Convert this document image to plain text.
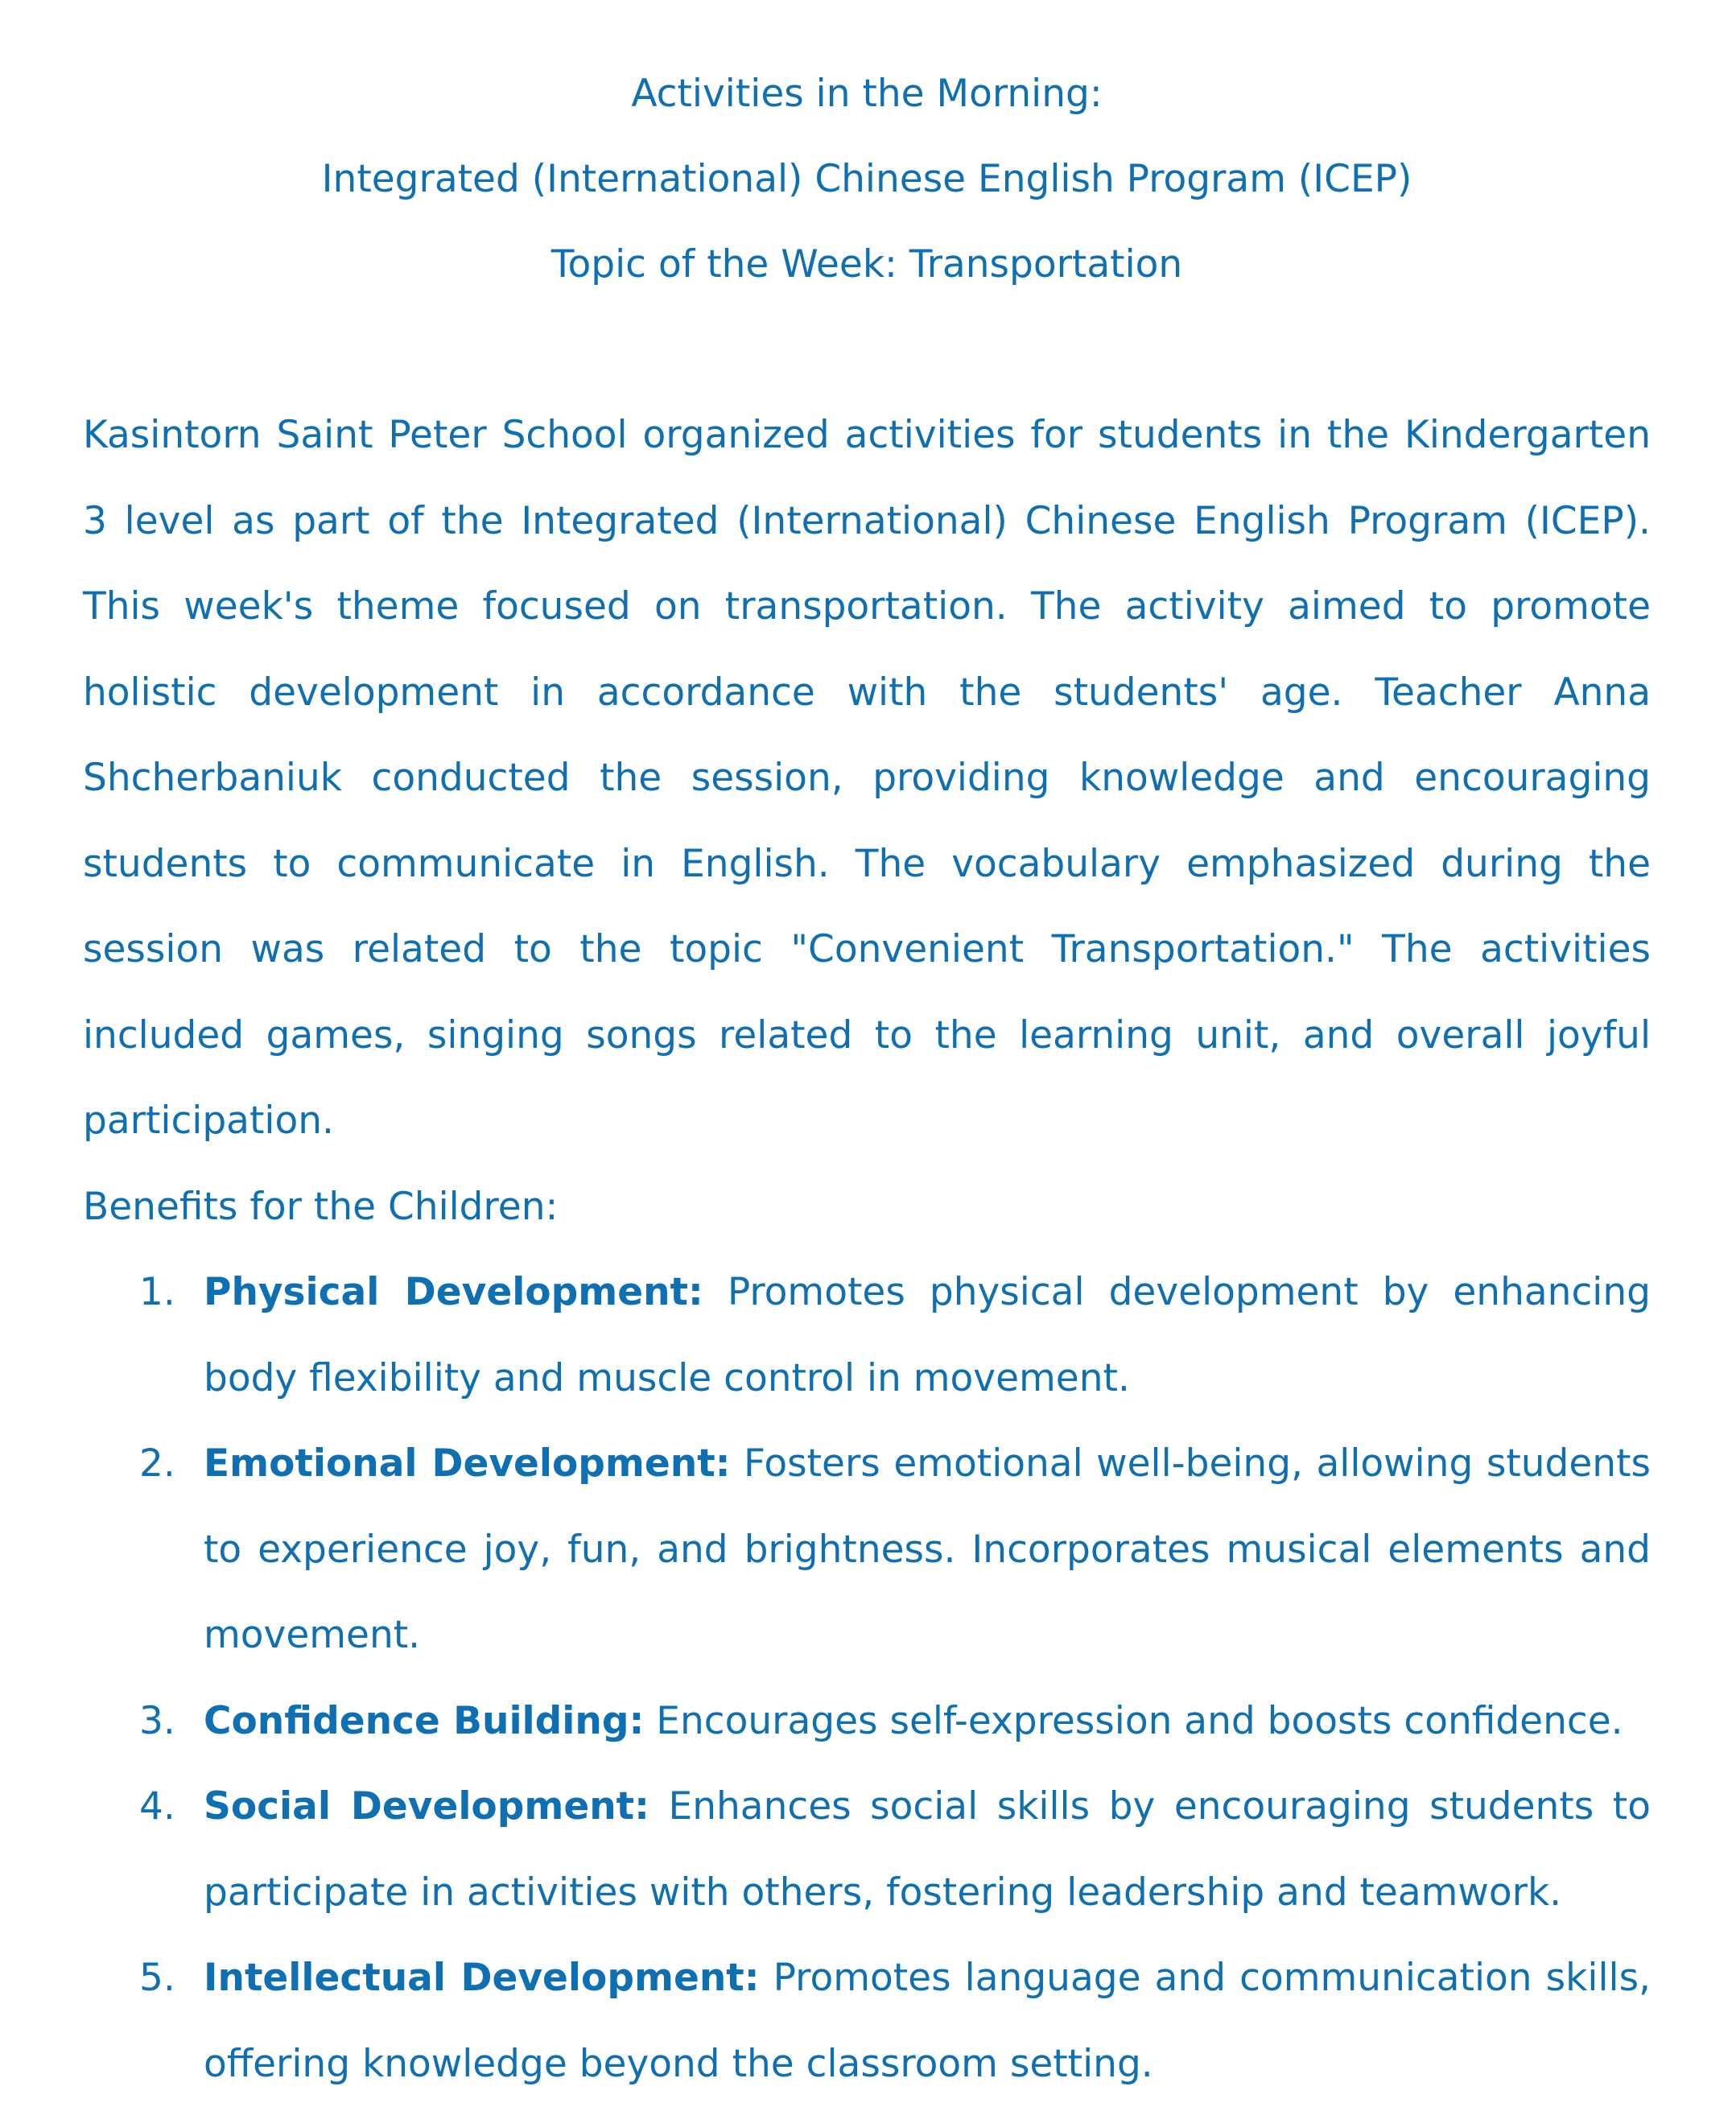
Activities in the Morning:

Integrated (International) Chinese English Program (ICEP)

Topic of the Week: Transportation

Kasintorn Saint Peter School organized activities for students in the Kindergarten 3 level as part of the Integrated (International) Chinese English Program (ICEP). This week's theme focused on transportation. The activity aimed to promote holistic development in accordance with the students' age. Teacher Anna Shcherbaniuk conducted the session, providing knowledge and encouraging students to communicate in English. The vocabulary emphasized during the session was related to the topic "Convenient Transportation." The activities included games, singing songs related to the learning unit, and overall joyful participation.

Benefits for the Children:

1. Physical Development: Promotes physical development by enhancing body flexibility and muscle control in movement.
2. Emotional Development: Fosters emotional well-being, allowing students to experience joy, fun, and brightness. Incorporates musical elements and movement.
3. Confidence Building: Encourages self-expression and boosts confidence.
4. Social Development: Enhances social skills by encouraging students to participate in activities with others, fostering leadership and teamwork.
5. Intellectual Development: Promotes language and communication skills, offering knowledge beyond the classroom setting.
